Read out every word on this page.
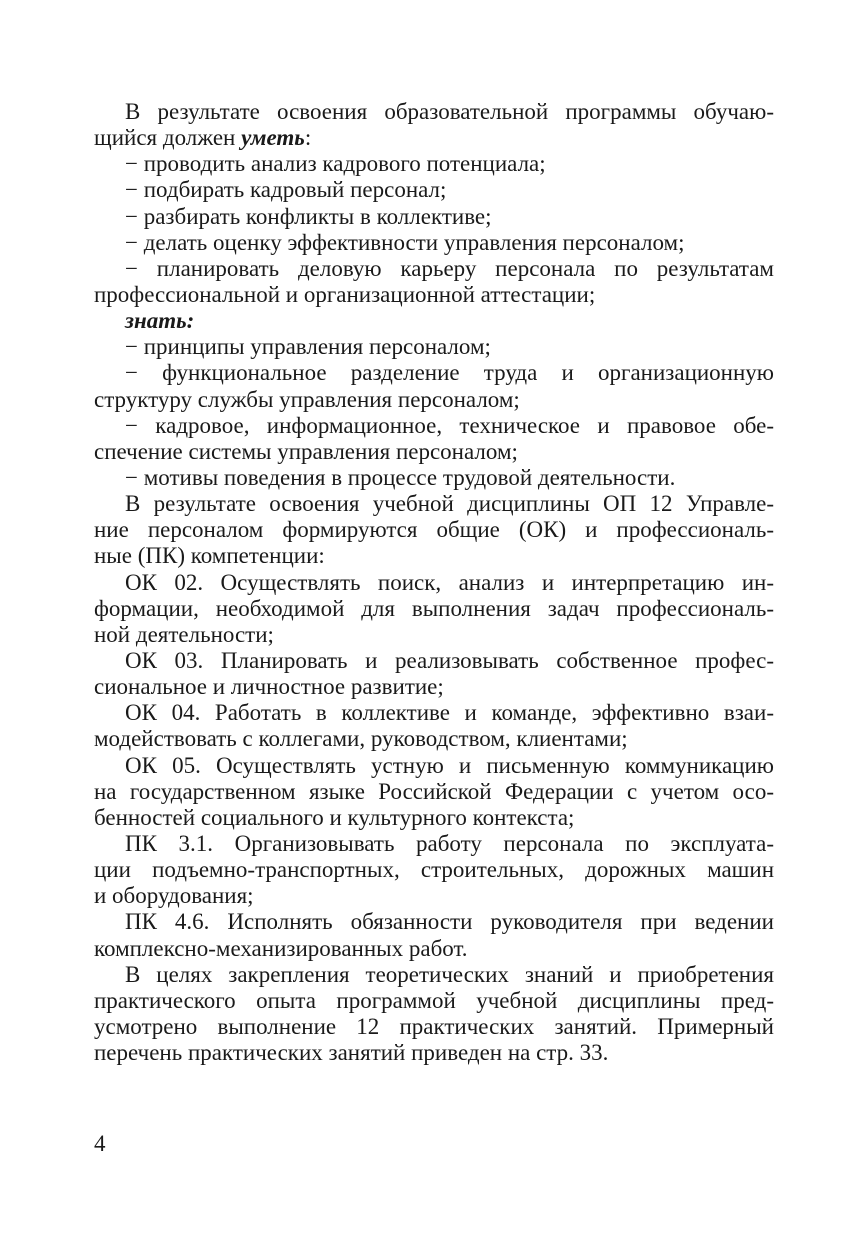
В результате освоения образовательной программы обучаю-
щийся должен уметь:
− проводить анализ кадрового потенциала;
− подбирать кадровый персонал;
− разбирать конфликты в коллективе;
− делать оценку эффективности управления персоналом;
− планировать деловую карьеру персонала по результатам
профессиональной и организационной аттестации;
знать:
− принципы управления персоналом;
− функциональное разделение труда и организационную
структуру службы управления персоналом;
− кадровое, информационное, техническое и правовое обе-
спечение системы управления персоналом;
− мотивы поведения в процессе трудовой деятельности.
В результате освоения учебной дисциплины ОП 12 Управле-
ние персоналом формируются общие (ОК) и профессиональ-
ные (ПК) компетенции:
ОК 02. Осуществлять поиск, анализ и интерпретацию ин-
формации, необходимой для выполнения задач профессиональ-
ной деятельности;
ОК 03. Планировать и реализовывать собственное профес-
сиональное и личностное развитие;
ОК 04. Работать в коллективе и команде, эффективно взаи-
модействовать с коллегами, руководством, клиентами;
ОК 05. Осуществлять устную и письменную коммуникацию
на государственном языке Российской Федерации с учетом осо-
бенностей социального и культурного контекста;
ПК 3.1. Организовывать работу персонала по эксплуата-
ции подъемно-транспортных, строительных, дорожных машин
и оборудования;
ПК 4.6. Исполнять обязанности руководителя при ведении
комплексно-механизированных работ.
В целях закрепления теоретических знаний и приобретения
практического опыта программой учебной дисциплины пред-
усмотрено выполнение 12 практических занятий. Примерный
перечень практических занятий приведен на стр. 33.
4
